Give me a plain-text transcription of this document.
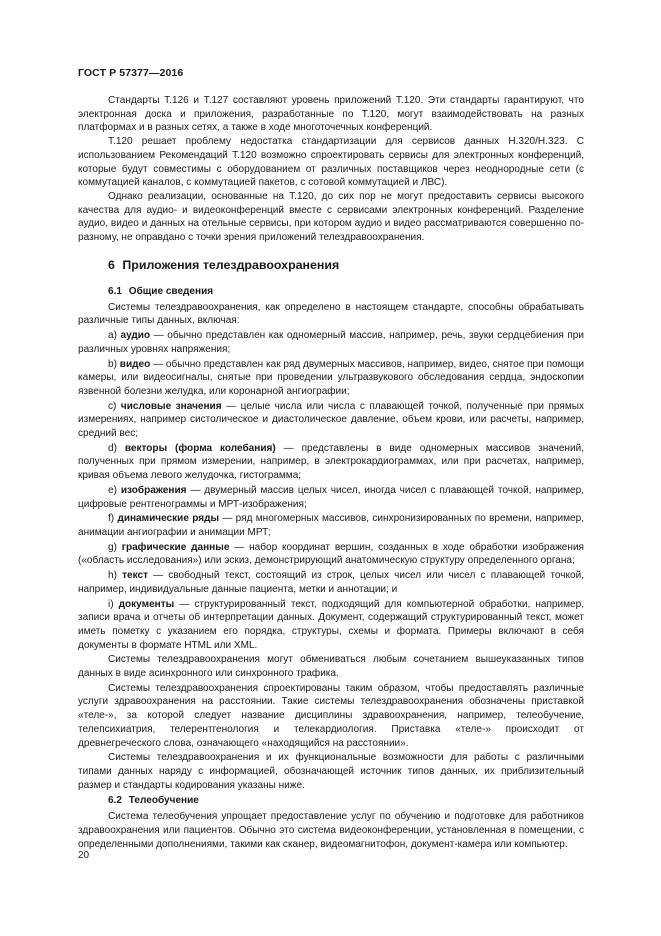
ГОСТ Р 57377—2016

Стандарты Т.126 и Т.127 составляют уровень приложений Т.120. Эти стандарты гарантируют, что электронная доска и приложения, разработанные по Т.120, могут взаимодействовать на разных платформах и в разных сетях, а также в ходе многоточечных конференций.

Т.120 решает проблему недостатка стандартизации для сервисов данных Н.320/Н.323. С использованием Рекомендаций Т.120 возможно спроектировать сервисы для электронных конференций, которые будут совместимы с оборудованием от различных поставщиков через неоднородные сети (с коммутацией каналов, с коммутацией пакетов, с сотовой коммутацией и ЛВС).

Однако реализации, основанные на Т.120, до сих пор не могут предоставить сервисы высокого качества для аудио- и видеоконференций вместе с сервисами электронных конференций. Разделение аудио, видео и данных на отельные сервисы, при котором аудио и видео рассматриваются совершенно по-разному, не оправдано с точки зрения приложений телездравоохранения.

6 Приложения телездравоохранения
6.1 Общие сведения

Системы телездравоохранения, как определено в настоящем стандарте, способны обрабатывать различные типы данных, включая:

a) аудио — обычно представлен как одномерный массив, например, речь, звуки сердцебиения при различных уровнях напряжения;

b) видео — обычно представлен как ряд двумерных массивов, например, видео, снятое при помощи камеры, или видеосигналы, снятые при проведении ультразвукового обследования сердца, эндоскопии язвенной болезни желудка, или коронарной ангиографии;

c) числовые значения — целые числа или числа с плавающей точкой, полученные при прямых измерениях, например систолическое и диастолическое давление, объем крови, или расчеты, например, средний вес;

d) векторы (форма колебания) — представлены в виде одномерных массивов значений, полученных при прямом измерении, например, в электрокардиограммах, или при расчетах, например, кривая объема левого желудочка, гистограмма;

e) изображения — двумерный массив целых чисел, иногда чисел с плавающей точкой, например, цифровые рентгенограммы и МРТ-изображения;

f) динамические ряды — ряд многомерных массивов, синхронизированных по времени, например, анимации ангиографии и анимации МРТ;

g) графические данные — набор координат вершин, созданных в ходе обработки изображения («область исследования») или эскиз, демонстрирующий анатомическую структуру определенного органа;

h) текст — свободный текст, состоящий из строк, целых чисел или чисел с плавающей точкой, например, индивидуальные данные пациента, метки и аннотации; и

i) документы — структурированный текст, подходящий для компьютерной обработки, например, записи врача и отчеты об интерпретации данных. Документ, содержащий структурированный текст, может иметь пометку с указанием его порядка, структуры, схемы и формата. Примеры включают в себя документы в формате HTML или XML.

Системы телездравоохранения могут обмениваться любым сочетанием вышеуказанных типов данных в виде асинхронного или синхронного трафика.

Системы телездравоохранения спроектированы таким образом, чтобы предоставлять различные услуги здравоохранения на расстоянии. Такие системы телездравоохранения обозначены приставкой «теле-», за которой следует название дисциплины здравоохранения, например, телеобучение, телепсихиатрия, телерентгенология и телекардиология. Приставка «теле-» происходит от древнегреческого слова, означающего «находящийся на расстоянии».

Системы телездравоохранения и их функциональные возможности для работы с различными типами данных наряду с информацией, обозначающей источник типов данных, их приблизительный размер и стандарты кодирования указаны ниже.

6.2 Телеобучение

Система телеобучения упрощает предоставление услуг по обучению и подготовке для работников здравоохранения или пациентов. Обычно это система видеоконференции, установленная в помещении, с определенными дополнениями, такими как сканер, видеомагнитофон, документ-камера или компьютер.

20
